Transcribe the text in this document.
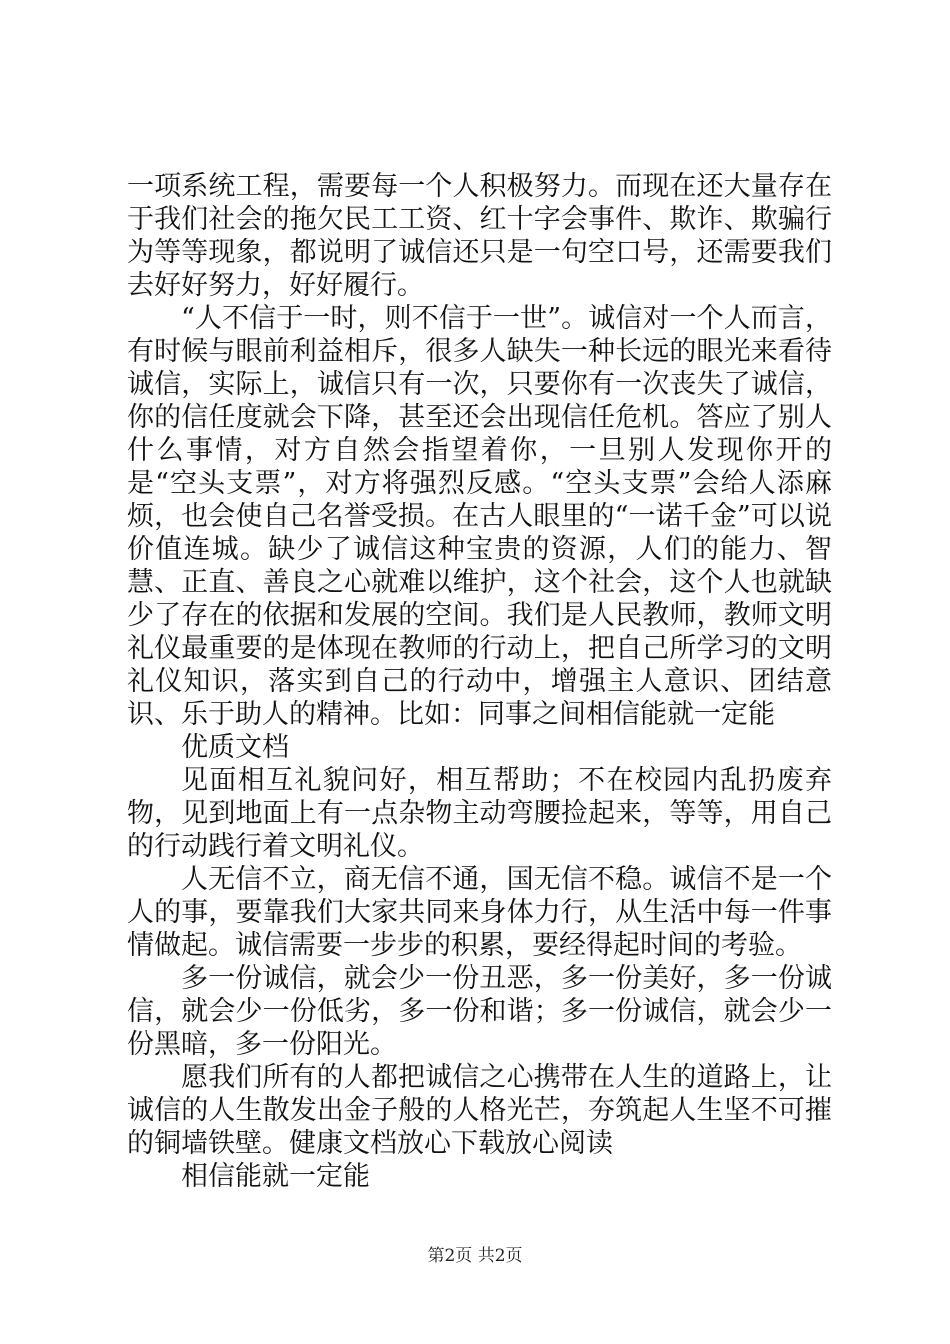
一项系统工程，需要每一个人积极努力。而现在还大量存在于我们社会的拖欠民工工资、红十字会事件、欺诈、欺骗行为等等现象，都说明了诚信还只是一句空口号，还需要我们去好好努力，好好履行。

“人不信于一时，则不信于一世”。诚信对一个人而言，有时候与眼前利益相斥，很多人缺失一种长远的眼光来看待诚信，实际上，诚信只有一次，只要你有一次丧失了诚信，你的信任度就会下降，甚至还会出现信任危机。答应了别人什么事情，对方自然会指望着你，一旦别人发现你开的是“空头支票”，对方将强烈反感。“空头支票”会给人添麻烦，也会使自己名誉受损。在古人眼里的“一诺千金”可以说价值连城。缺少了诚信这种宝贵的资源，人们的能力、智慧、正直、善良之心就难以维护，这个社会，这个人也就缺少了存在的依据和发展的空间。我们是人民教师，教师文明礼仪最重要的是体现在教师的行动上，把自己所学习的文明礼仪知识，落实到自己的行动中，增强主人意识、团结意识、乐于助人的精神。比如：同事之间相信能就一定能

优质文档

见面相互礼貌问好，相互帮助；不在校园内乱扔废弃物，见到地面上有一点杂物主动弯腰捡起来，等等，用自己的行动践行着文明礼仪。

人无信不立，商无信不通，国无信不稳。诚信不是一个人的事，要靠我们大家共同来身体力行，从生活中每一件事情做起。诚信需要一步步的积累，要经得起时间的考验。

多一份诚信，就会少一份丑恶，多一份美好，多一份诚信，就会少一份低劣，多一份和谐；多一份诚信，就会少一份黑暗，多一份阳光。

愿我们所有的人都把诚信之心携带在人生的道路上，让诚信的人生散发出金子般的人格光芒，夯筑起人生坚不可摧的铜墙铁壁。健康文档放心下载放心阅读

相信能就一定能

第2页 共2页
